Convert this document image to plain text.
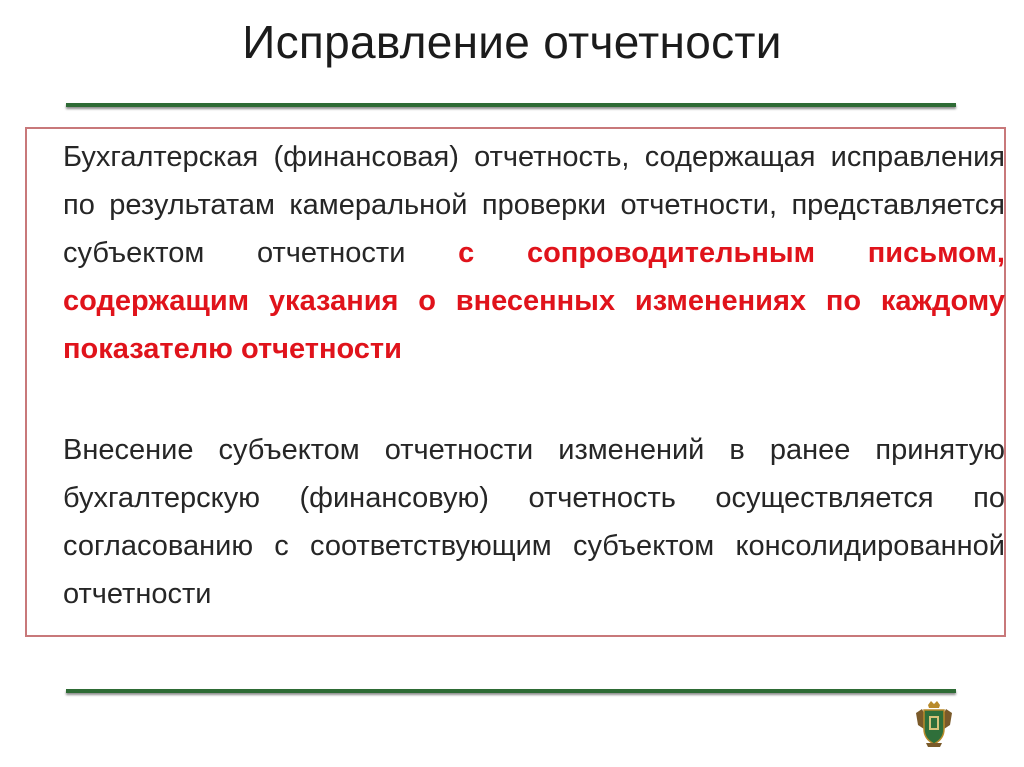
Исправление отчетности
Бухгалтерская (финансовая) отчетность, содержащая исправления по результатам камеральной проверки отчетности, представляется субъектом отчетности с сопроводительным письмом, содержащим указания о внесенных изменениях по каждому показателю отчетности
Внесение субъектом отчетности изменений в ранее принятую бухгалтерскую (финансовую) отчетность осуществляется по согласованию с соответствующим субъектом консолидированной отчетности
